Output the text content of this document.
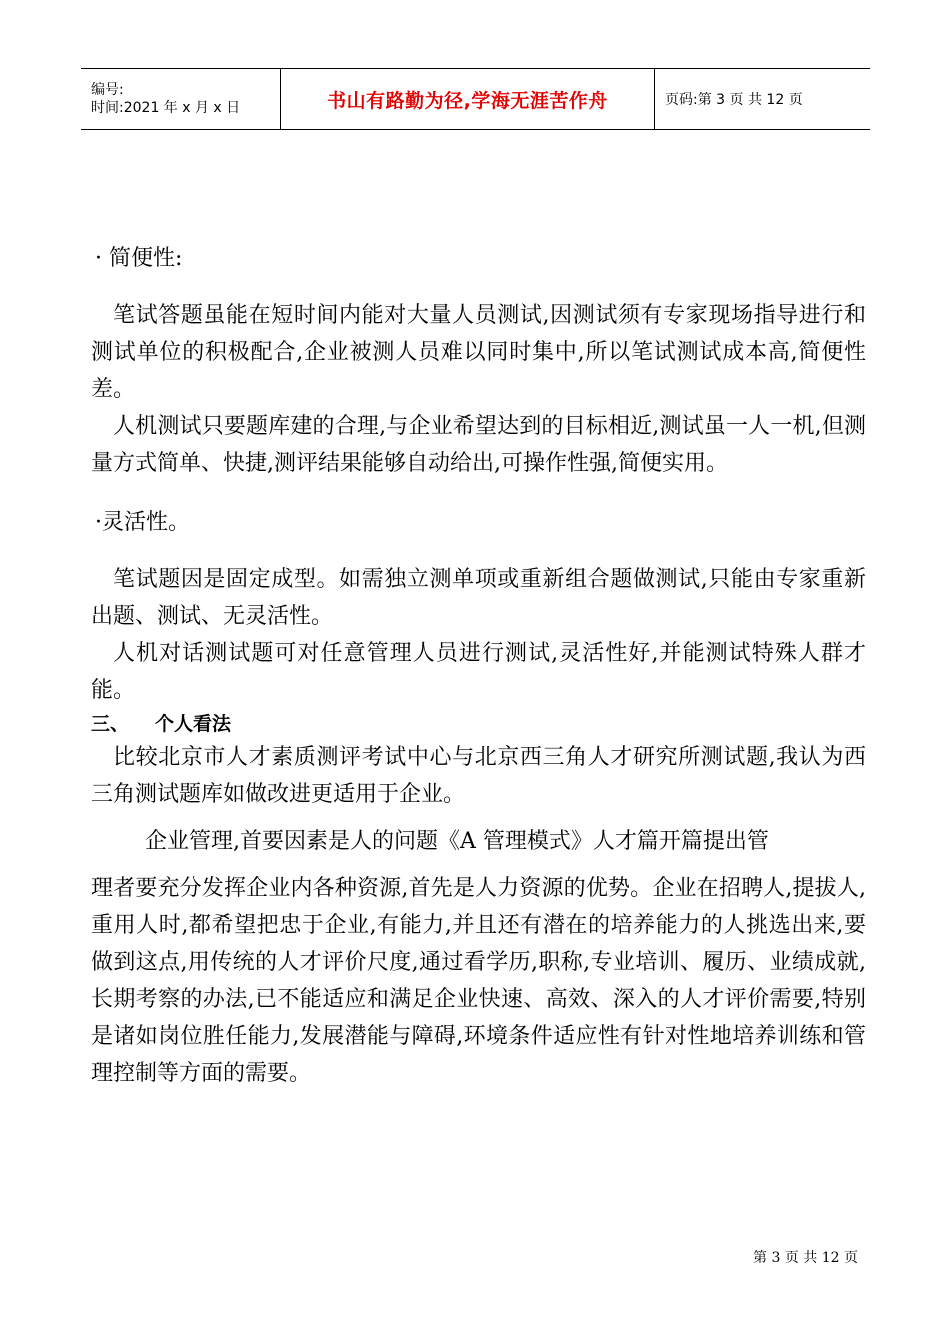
编号:
时间:2021 年 x 月 x 日	书山有路勤为径,学海无涯苦作舟	页码:第 3 页 共 12 页

· 简便性:

笔试答题虽能在短时间内能对大量人员测试,因测试须有专家现场指导进行和测试单位的积极配合,企业被测人员难以同时集中,所以笔试测试成本高,简便性差。

人机测试只要题库建的合理,与企业希望达到的目标相近,测试虽一人一机,但测量方式简单、快捷,测评结果能够自动给出,可操作性强,简便实用。

·灵活性。

笔试题因是固定成型。如需独立测单项或重新组合题做测试,只能由专家重新出题、测试、无灵活性。

人机对话测试题可对任意管理人员进行测试,灵活性好,并能测试特殊人群才能。

三、 个人看法

比较北京市人才素质测评考试中心与北京西三角人才研究所测试题,我认为西三角测试题库如做改进更适用于企业。

企业管理,首要因素是人的问题《A 管理模式》人才篇开篇提出管

理者要充分发挥企业内各种资源,首先是人力资源的优势。企业在招聘人,提拔人,重用人时,都希望把忠于企业,有能力,并且还有潜在的培养能力的人挑选出来,要做到这点,用传统的人才评价尺度,通过看学历,职称,专业培训、履历、业绩成就,长期考察的办法,已不能适应和满足企业快速、高效、深入的人才评价需要,特别是诸如岗位胜任能力,发展潜能与障碍,环境条件适应性有针对性地培养训练和管理控制等方面的需要。

第 3 页 共 12 页
